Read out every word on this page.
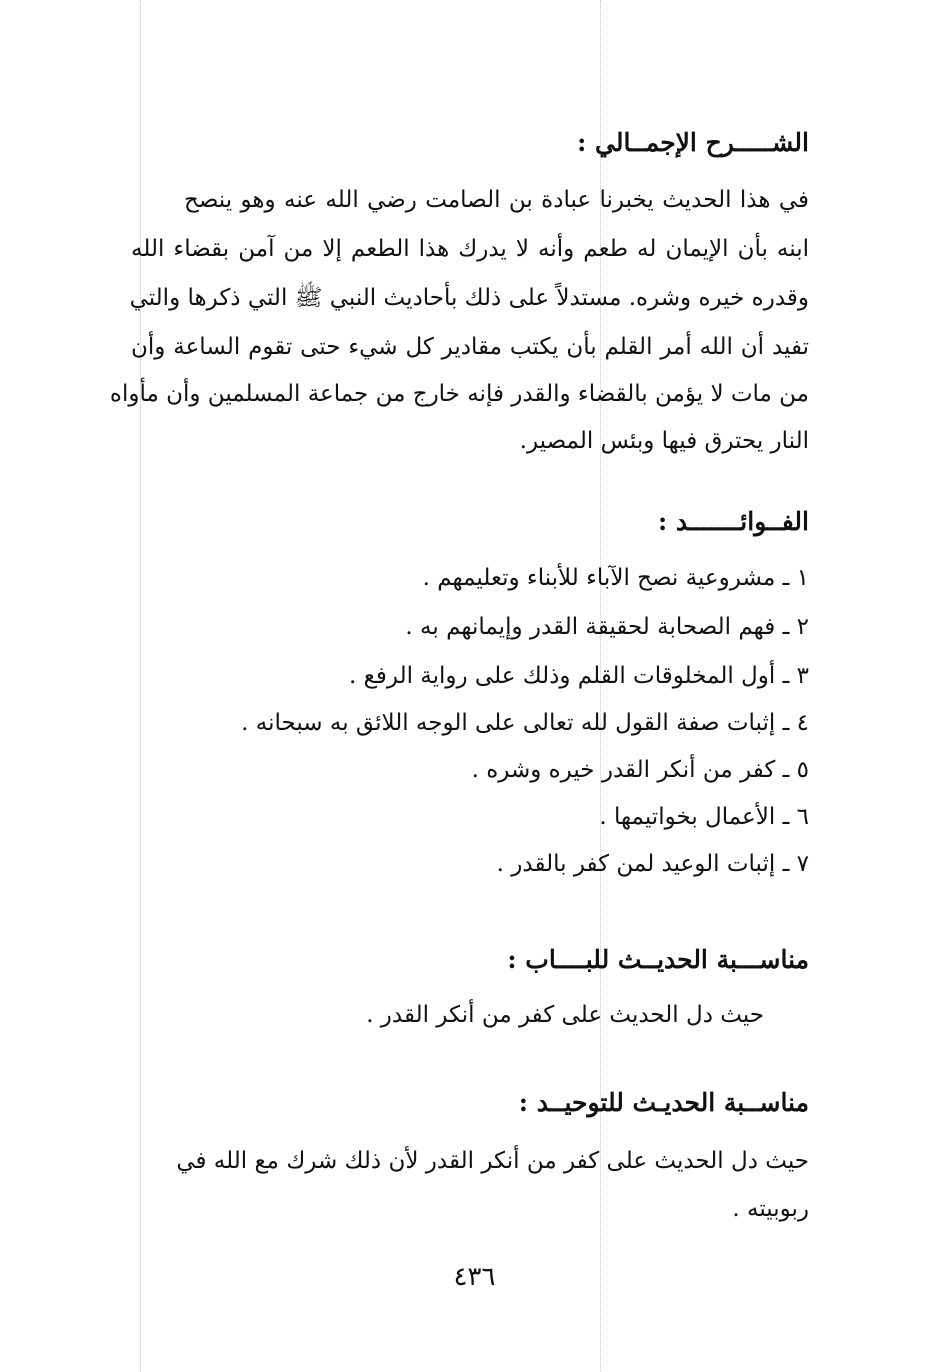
الشـــــرح الإجمــالي :
في هذا الحديث يخبرنا عبادة بن الصامت رضي الله عنه وهو ينصح
ابنه بأن الإيمان له طعم وأنه لا يدرك هذا الطعم إلا من آمن بقضاء الله
وقدره خيره وشره. مستدلاً على ذلك بأحاديث النبي ﷺ التي ذكرها والتي
تفيد أن الله أمر القلم بأن يكتب مقادير كل شيء حتى تقوم الساعة وأن
من مات لا يؤمن بالقضاء والقدر فإنه خارج من جماعة المسلمين وأن مأواه
النار يحترق فيها وبئس المصير.
الفــوائـــــــد :
١ ـ مشروعية نصح الآباء للأبناء وتعليمهم .
٢ ـ فهم الصحابة لحقيقة القدر وإيمانهم به .
٣ ـ أول المخلوقات القلم وذلك على رواية الرفع .
٤ ـ إثبات صفة القول لله تعالى على الوجه اللائق به سبحانه .
٥ ـ كفر من أنكر القدر خيره وشره .
٦ ـ الأعمال بخواتيمها .
٧ ـ إثبات الوعيد لمن كفر بالقدر .
مناســـبة الحديــث للبــــاب :
حيث دل الحديث على كفر من أنكر القدر .
مناســبة الحديـث للتوحيــد :
حيث دل الحديث على كفر من أنكر القدر لأن ذلك شرك مع الله في
ربوبيته .
٤٣٦
